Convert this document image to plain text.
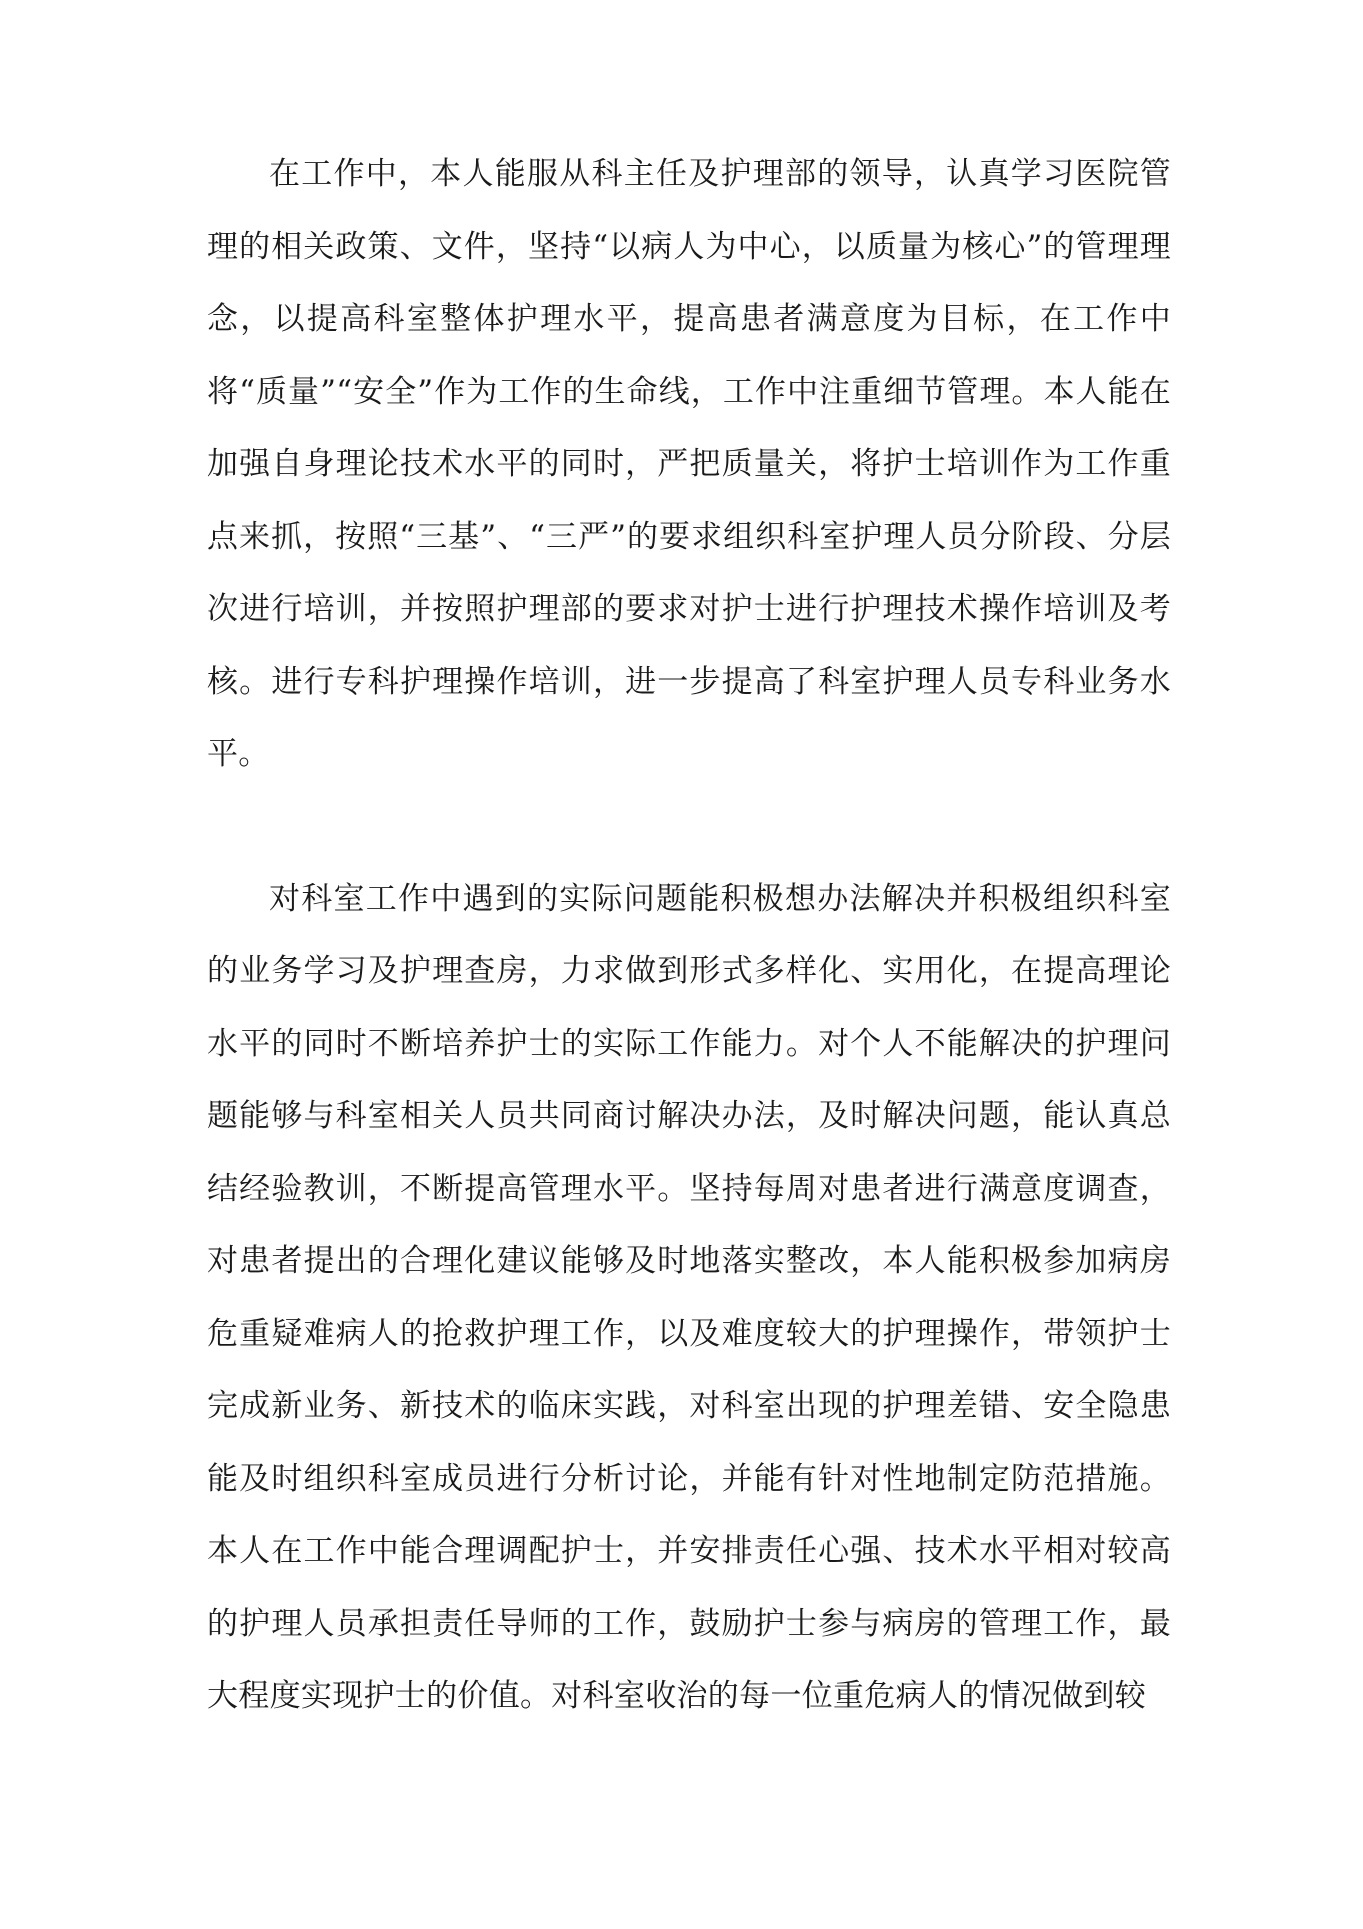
在工作中，本人能服从科主任及护理部的领导，认真学习医院管理的相关政策、文件，坚持“以病人为中心，以质量为核心”的管理理念，以提高科室整体护理水平，提高患者满意度为目标，在工作中将“质量”“安全”作为工作的生命线，工作中注重细节管理。本人能在加强自身理论技术水平的同时，严把质量关，将护士培训作为工作重点来抓，按照“三基”、“三严”的要求组织科室护理人员分阶段、分层次进行培训，并按照护理部的要求对护士进行护理技术操作培训及考核。进行专科护理操作培训，进一步提高了科室护理人员专科业务水平。

对科室工作中遇到的实际问题能积极想办法解决并积极组织科室的业务学习及护理查房，力求做到形式多样化、实用化，在提高理论水平的同时不断培养护士的实际工作能力。对个人不能解决的护理问题能够与科室相关人员共同商讨解决办法，及时解决问题，能认真总结经验教训，不断提高管理水平。坚持每周对患者进行满意度调查，对患者提出的合理化建议能够及时地落实整改，本人能积极参加病房危重疑难病人的抢救护理工作，以及难度较大的护理操作，带领护士完成新业务、新技术的临床实践，对科室出现的护理差错、安全隐患能及时组织科室成员进行分析讨论，并能有针对性地制定防范措施。本人在工作中能合理调配护士，并安排责任心强、技术水平相对较高的护理人员承担责任导师的工作，鼓励护士参与病房的管理工作，最大程度实现护士的价值。对科室收治的每一位重危病人的情况做到较
